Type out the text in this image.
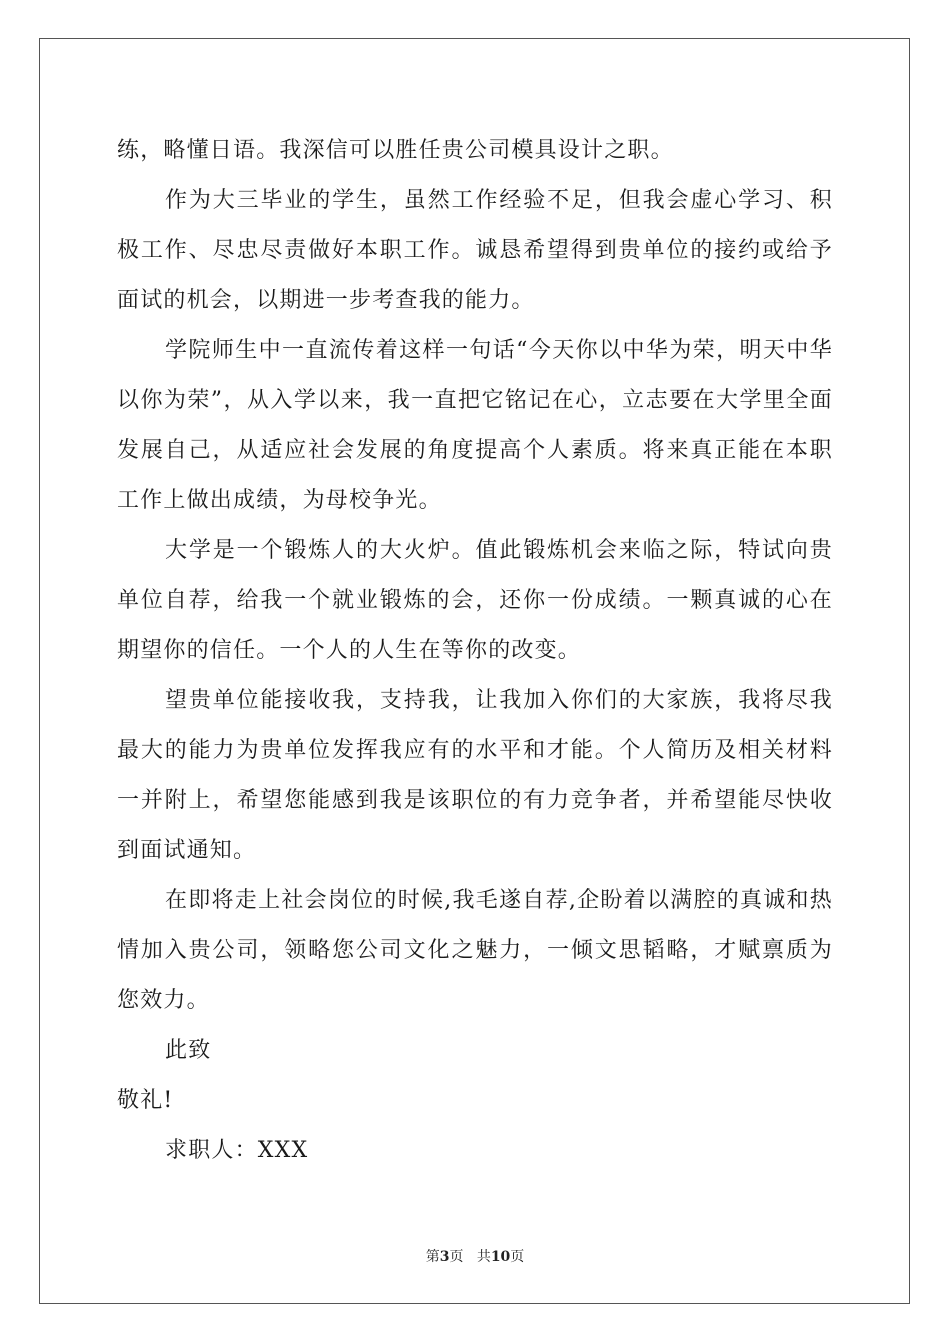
练，略懂日语。我深信可以胜任贵公司模具设计之职。

作为大三毕业的学生，虽然工作经验不足，但我会虚心学习、积极工作、尽忠尽责做好本职工作。诚恳希望得到贵单位的接约或给予面试的机会，以期进一步考查我的能力。

学院师生中一直流传着这样一句话“今天你以中华为荣，明天中华以你为荣”，从入学以来，我一直把它铭记在心，立志要在大学里全面发展自己，从适应社会发展的角度提高个人素质。将来真正能在本职工作上做出成绩，为母校争光。

大学是一个锻炼人的大火炉。值此锻炼机会来临之际，特试向贵单位自荐，给我一个就业锻炼的会，还你一份成绩。一颗真诚的心在期望你的信任。一个人的人生在等你的改变。

望贵单位能接收我，支持我，让我加入你们的大家族，我将尽我最大的能力为贵单位发挥我应有的水平和才能。个人简历及相关材料一并附上，希望您能感到我是该职位的有力竞争者，并希望能尽快收到面试通知。

在即将走上社会岗位的时候,我毛遂自荐,企盼着以满腔的真诚和热情加入贵公司，领略您公司文化之魅力，一倾文思韬略，才赋禀质为您效力。

此致

敬礼!

求职人：XXX

第3页 共10页
